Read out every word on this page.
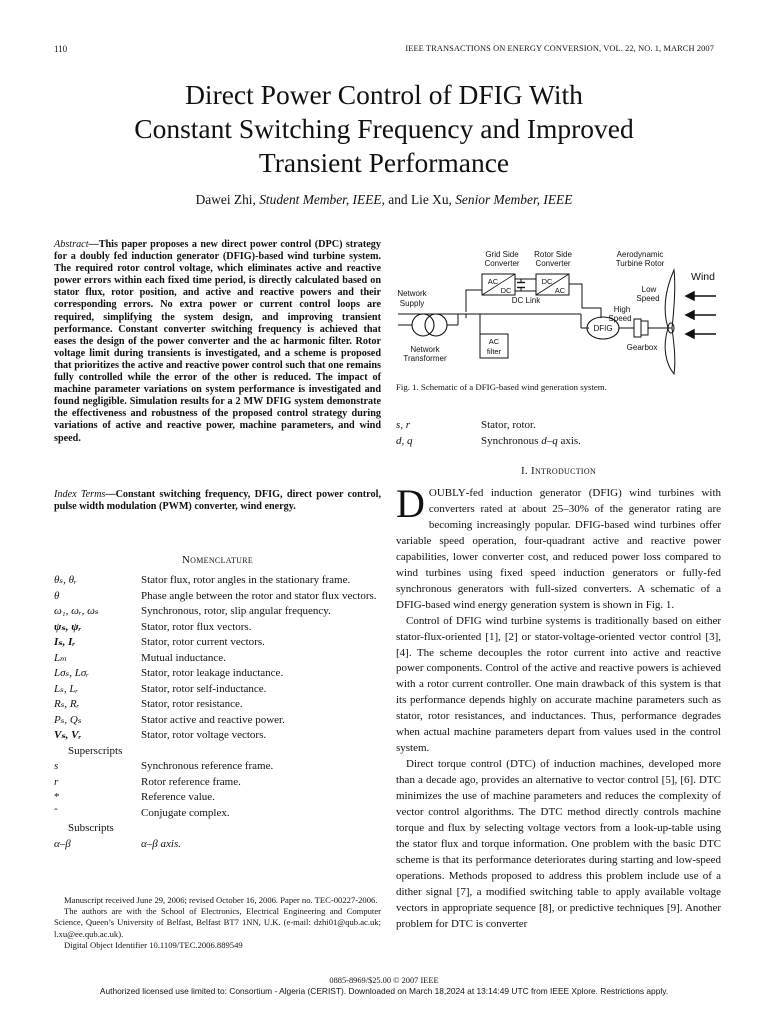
110	IEEE TRANSACTIONS ON ENERGY CONVERSION, VOL. 22, NO. 1, MARCH 2007
Direct Power Control of DFIG With
Constant Switching Frequency and Improved
Transient Performance
Dawei Zhi, Student Member, IEEE, and Lie Xu, Senior Member, IEEE
Abstract—This paper proposes a new direct power control (DPC) strategy for a doubly fed induction generator (DFIG)-based wind turbine system. The required rotor control voltage, which eliminates active and reactive power errors within each fixed time period, is directly calculated based on stator flux, rotor position, and active and reactive powers and their corresponding errors. No extra power or current control loops are required, simplifying the system design, and improving transient performance. Constant converter switching frequency is achieved that eases the design of the power converter and the ac harmonic filter. Rotor voltage limit during transients is investigated, and a scheme is proposed that prioritizes the active and reactive power control such that one remains fully controlled while the error of the other is reduced. The impact of machine parameter variations on system performance is investigated and found negligible. Simulation results for a 2 MW DFIG system demonstrate the effectiveness and robustness of the proposed control strategy during variations of active and reactive power, machine parameters, and wind speed.
Index Terms—Constant switching frequency, DFIG, direct power control, pulse width modulation (PWM) converter, wind energy.
Nomenclature
θₛ, θᵣ	Stator flux, rotor angles in the stationary frame.
θ	Phase angle between the rotor and stator flux vectors.
ω₁, ωᵣ, ωₛ	Synchronous, rotor, slip angular frequency.
ψₛ, ψᵣ	Stator, rotor flux vectors.
Iₛ, Iᵣ	Stator, rotor current vectors.
Lₘ	Mutual inductance.
Lσₛ, Lσᵣ	Stator, rotor leakage inductance.
Lₛ, Lᵣ	Stator, rotor self-inductance.
Rₛ, Rᵣ	Stator, rotor resistance.
Pₛ, Qₛ	Stator active and reactive power.
Vₛ, Vᵣ	Stator, rotor voltage vectors.
Superscripts
s	Synchronous reference frame.
r	Rotor reference frame.
*	Reference value.
ˆ	Conjugate complex.
Subscripts
α–β	α–β axis.

Manuscript received June 29, 2006; revised October 16, 2006. Paper no. TEC-00227-2006.

The authors are with the School of Electronics, Electrical Engineering and Computer Science, Queen’s University of Belfast, Belfast BT7 1NN, U.K. (e-mail: dzhi01@qub.ac.uk; l.xu@ee.qub.ac.uk).

Digital Object Identifier 10.1109/TEC.2006.889549

Grid Side
Converter
Rotor Side
Converter
Aerodynamic
Turbine Rotor
Wind
Network
Supply
AC
DC
DC Link
DC
AC
Network
Transformer
AC
filter
DFIG
High
Speed
Low
Speed
Gearbox
Fig. 1. Schematic of a DFIG-based wind generation system.
s, r	Stator, rotor.
d, q	Synchronous d–q axis.
I. Introduction

DOUBLY-fed induction generator (DFIG) wind turbines with converters rated at about 25–30% of the generator rating are becoming increasingly popular. DFIG-based wind turbines offer variable speed operation, four-quadrant active and reactive power capabilities, lower converter cost, and reduced power loss compared to wind turbines using fixed speed induction generators or fully-fed synchronous generators with full-sized converters. A schematic of a DFIG-based wind energy generation system is shown in Fig. 1.

Control of DFIG wind turbine systems is traditionally based on either stator-flux-oriented [1], [2] or stator-voltage-oriented vector control [3], [4]. The scheme decouples the rotor current into active and reactive power components. Control of the active and reactive powers is achieved with a rotor current controller. One main drawback of this system is that its performance depends highly on accurate machine parameters such as stator, rotor resistances, and inductances. Thus, performance degrades when actual machine parameters depart from values used in the control system.

Direct torque control (DTC) of induction machines, developed more than a decade ago, provides an alternative to vector control [5], [6]. DTC minimizes the use of machine parameters and reduces the complexity of vector control algorithms. The DTC method directly controls machine torque and flux by selecting voltage vectors from a look-up-table using the stator flux and torque information. One problem with the basic DTC scheme is that its performance deteriorates during starting and low-speed operations. Methods proposed to address this problem include use of a dither signal [7], a modified switching table to apply available voltage vectors in appropriate sequence [8], or predictive techniques [9]. Another problem for DTC is converter

0885-8969/$25.00 © 2007 IEEE
Authorized licensed use limited to: Consortium - Algeria (CERIST). Downloaded on March 18,2024 at 13:14:49 UTC from IEEE Xplore. Restrictions apply.
